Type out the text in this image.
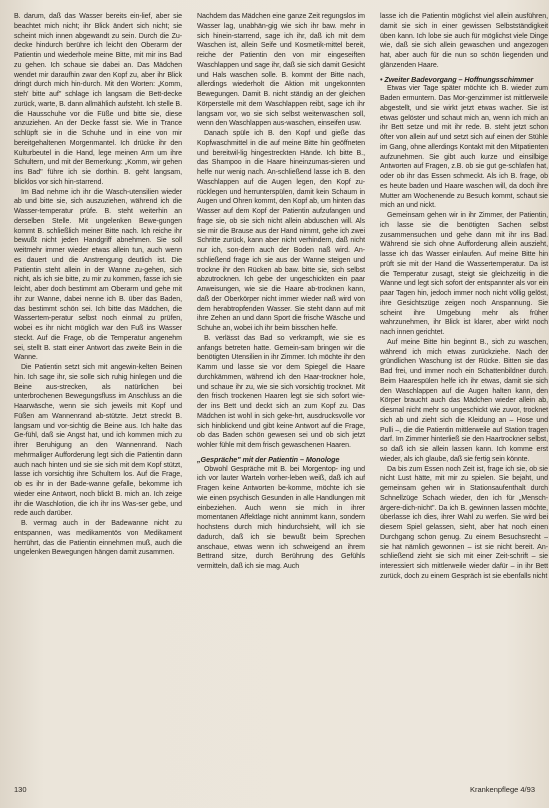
B. darum, daß das Wasser bereits ein-lief, aber sie beachtet mich nicht; ihr Blick ändert sich nicht; sie scheint mich innen abgewandt zu sein. Durch die Zu-decke hindurch berühre ich leicht den Oberarm der Patientin und wiederhole meine Bitte, mit mir ins Bad zu gehen. Ich schaue sie dabei an. Das Mädchen wendet mir daraufhin zwar den Kopf zu, aber ihr Blick dringt durch mich hin-durch. Mit den Worten: „Komm, steh' bitte auf" schlage ich langsam die Bett-decke zurück, warte, B. dann allmählich aufsteht. Ich stelle B. die Hausschuhe vor die Füße und bitte sie, diese anzuziehen. An der Decke fasst sie. Wie in Trance schlüpft sie in die Schuhe und in eine von mir bereitgehaltenen Morgenmantel. Ich drücke ihr den Kulturbeutel in die Hand, lege meinen Arm um ihre Schultern, und mit der Bemerkung: „Komm, wir gehen ins Bad" führe ich sie dorthin. B. geht langsam, blicklos vor sich hin-starrend.

Im Bad nehme ich ihr die Wasch-utensilien wieder ab und bitte sie, sich auszuziehen, während ich die Wasser-temperatur prüfe. B. steht weiterhin an derselben Stelle. Mit ungelenken Bewe-gungen kommt B. schließlich meiner Bitte nach. Ich reiche ihr bewußt nicht jeden Handgriff abnehmen. Sie soll weitmehr immer wieder etwas allein tun, auch wenn es dauert und die Anstrengung deutlich ist. Die Patientin steht allein in der Wanne zu-gehen, sich nicht, als ich sie bitte, zu mir zu kommen, fasse ich sie leicht, aber doch bestimmt am Oberarm und gehe mit ihr zur Wanne, dabei nenne ich B. über das Baden, das bestimmt schön sei. Ich bitte das Mädchen, die Wassertem-peratur selbst noch einmal zu prüfen, wobei es ihr nicht möglich war den Fuß ins Wasser steckt. Auf die Frage, ob die Temperatur angenehm sei, stellt B. statt einer Antwort das zweite Bein in die Wanne.

Die Patientin setzt sich mit angewin-kelten Beinen hin. Ich sage ihr, sie solle sich ruhig hinlegen und die Beine aus-strecken, als natürlichen bei unterbrochenen Bewegungsfluss im Anschluss an die Haarwäsche, wenn sie sich jeweils mit Kopf und Füßen am Wannenrand ab-stützte. Jetzt streckt B. langsam und vor-sichtig die Beine aus. Ich halte das Ge-fühl, daß sie Angst hat, und ich kommen mich zu ihrer Beruhigung an den Wannenrand. Nach mehrmaliger Aufforderung legt sich die Patientin dann auch nach hinten und sie sie sich mit dem Kopf stützt, lasse ich vorsichtig ihre Schultern los. Auf die Frage, ob es ihr in der Bade-wanne gefalle, bekomme ich wieder eine Antwort, noch blickt B. mich an. Ich zeige ihr die Waschlotion, die ich ihr ins Was-ser gebe, und rede auch darüber.

B. vermag auch in der Badewanne nicht zu entspannen, was medikamentös von Medikament herrührt, das die Patientin einnehmen muß, auch die ungelenken Bewegungen hängen damit zusammen.

Nachdem das Mädchen eine ganze Zeit regungslos im Wasser lag, unabhän-gig wie sich ihr baw. mehr in sich hinein-starrend, sage ich ihr, daß ich mit dem Waschen ist, allein Seife und Kosmetik-mittel bereit, reiche der Patientin den von mir eingeseiften Waschlappen und sage ihr, daß sie sich damit Gesicht und Hals waschen solle. B. kommt der Bitte nach, allerdings wiederholt die Aktion mit ungekonnten Bewegungen. Damit B. nicht ständig an der gleichen Körperstelle mit dem Waschlappen reibt, sage ich ihr langsam vor, wo sie sich selbst weiterwaschen soll, wenn den Waschlappen aus-waschen, einseifen usw.

Danach spüle ich B. den Kopf und gieße das Kopfwaschmittel in die auf meine Bitte hin geöffneten und bereitwil-lig hingestreckten Hände. Ich bitte B., das Shampoo in die Haare hineinzumas-sieren und helfe nur wenig nach. An-schließend lasse ich B. den Waschlappen auf die Augen legen, den Kopf zu-rücklegen und herrunterspülen, damit kein Schaum in Augen und Ohren kommt, den Kopf ab, um hinten das Wasser auf dem Kopf der Patientin aufzufangen und frage sie, ob sie sich nicht allein abduschen will. Als sie mir die Brause aus der Hand nimmt, gehe ich zwei Schritte zurück, kann aber nicht verhindern, daß nicht nur ich, son-dern auch der Boden naß wird. An-schließend frage ich sie aus der Wanne steigen und trockne ihr den Rücken ab baw. bitte sie, sich selbst abzutrocknen. Ich gebe der ungeschickten ein paar Anweisungen, wie sie die Haare ab-trocknen kann, daß der Oberkörper nicht immer wieder naß wird von dem herabtropfenden Wasser. Sie steht dann auf mit ihre Zehen an und dann Sport die frische Wäsche und Schuhe an, wobei ich ihr beim bisschen helfe.

B. verlässt das Bad so verkrampft, wie sie es anfangs betreten hatte. Gemein-sam bringen wir die benötigten Utensilien in ihr Zimmer. Ich möchte ihr den Kamm und lasse sie vor dem Spiegel die Haare durchkämmen, während ich den Haar-trockner hole, und schaue ihr zu, wie sie sich vorsichtig trocknet. Mit den frisch trockenen Haaren legt sie sich sofort wie-der ins Bett und deckt sich an zum Kopf zu. Das Mädchen ist wohl in sich geke-hrt, ausdrucksvolle vor sich hinblickend und gibt keine Antwort auf die Frage, ob das Baden schön gewesen sei und ob sich jetzt wohler fühle mit dem frisch gewaschenen Haaren.

„Gespräche" mit der Patientin – Monologe

Obwohl Gespräche mit B. bei Morgentop- ing und ich vor lauter Warteln vorher-leben weiß, daß ich auf Fragen keine Antworten be-komme, möchte ich sie wie einen psychisch Gesunden in alle Handlungen mit einbeziehen. Auch wenn sie mich in ihrer momentanen Affektlage nicht annimmt kann, sondern hochstens durch mich hindurchsieht, will ich sie dadurch, daß ich sie bewußt beim Sprechen anschaue, etwas wenn ich schweigend an ihrem Bettrand sitze, durch Berührung des Gefühls vermitteln, daß ich sie mag. Auch

lasse ich die Patientin möglichst viel allein ausführen, damit sie sich in einer gewissen Selbstständigkeit üben kann. Ich lobe sie auch für möglichst viele Dinge wie, daß sie sich allein gewaschen und angezogen hat, aber auch für die nun so schön liegenden und glänzenden Haare.

• Zweiter Badevorgang – Hoffnungsschimmer

Etwas vier Tage später möchte ich B. wieder zum Baden ermuntern. Das Mor-genzimmer ist mittlerweile abgestellt, und sie wirkt jetzt etwas wacher. Sie ist etwas gelöster und schaut mich an, wenn ich mich an ihr Bett setze und mit ihr rede. B. steht jetzt schon öfter von allein auf und setzt sich auf einen der Stühle im Gang, ohne allerdings Kontakt mit den Mitpatienten aufzunehmen. Sie gibt auch kurze und einsilbige Antworten auf Fragen, z.B. ob sie gut ge-schlafen hat, oder ob ihr das Essen schmeckt. Als ich B. frage, ob es heute baden und Haare waschen will, da doch ihre Mutter am Wochenende zu Besuch kommt, schaut sie mich an und nickt.

Gemeinsam gehen wir in ihr Zimmer, der Patientin, ich lasse sie die benötigten Sachen selbst zusammensuchen und gehe dann mit ihr ins Bad. Während sie sich ohne Aufforderung allein auszieht, lasse ich das Wasser einlaufen. Auf meine Bitte hin prüft sie mit der Hand die Wassertemperatur. Da ist die Temperatur zusagt, steigt sie gleichzeitig in die Wanne und legt sich sofort der entspannter als vor ein paar Tagen hin, jedoch immer noch nicht völlig gelöst, ihre Gesichtszüge zeigen noch Anspannung. Sie scheint ihre Umgebung mehr als früher wahrzunehmen, ihr Blick ist klarer, aber wirkt noch nach innen gerichtet.

Auf meine Bitte hin beginnt B., sich zu waschen, während ich mich etwas zurückziehe. Nach der gründlichen Waschung ist der Rücke. Bitten sie das Bad frei, und immer noch ein Schattenbildner durch. Beim Haarespülen helfe ich ihr etwas, damit sie sich den Waschlappen auf die Augen halten kann, den Körper braucht auch das Mädchen wieder allein ab, diesmal nicht mehr so ungeschickt wie zuvor, trocknet sich ab und zieht sich die Kleidung an – Hose und Pulli –, die die Patientin mittlerweile auf Station tragen darf. Im Zimmer hinterließ sie den Haartrockner selbst, so daß ich sie allein lassen kann. Ich komme erst wieder, als ich glaube, daß sie fertig sein könnte.

Da bis zum Essen noch Zeit ist, frage ich sie, ob sie nicht Lust hätte, mit mir zu spielen. Sie bejaht, und gemeinsam gehen wir in Stationsaufenthalt durch Schnellzüge Schach wieder, den ich für „Mensch-ärgere-dich-nicht". Da ich B. gewinnen lassen möchte, überlasse ich dies, ihrer Wahl zu werfen. Sie wird bei diesem Spiel gelassen, sieht, aber hat noch einen Durchgang schon genug. Zu einem Besuchsrecht – sie hat nämlich gewonnen – ist sie nicht bereit. An-schließend zieht sie sich mit einer Zeit-schrift – sie interessiert sich mittlerweile wieder dafür – in ihr Bett zurück, doch zu einem Gespräch ist sie ebenfalls nicht

130	Krankenpflege 4/93
